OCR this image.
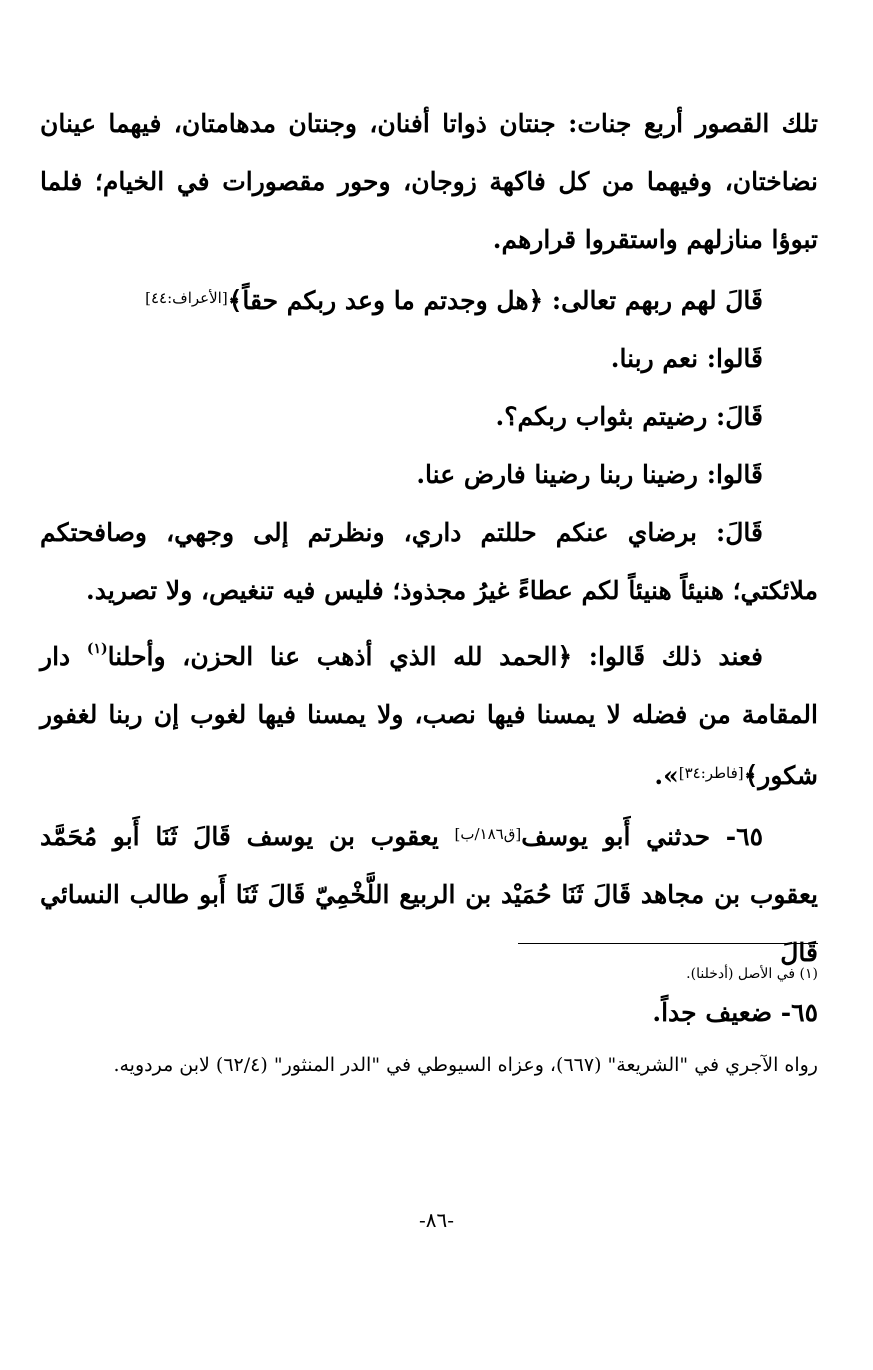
تلك القصور أربع جنات: جنتان ذواتا أفنان، وجنتان مدهامتان، فيهما عينان نضاختان، وفيهما من كل فاكهة زوجان، وحور مقصورات في الخيام؛ فلما تبوؤا منازلهم واستقروا قرارهم.

قَالَ لهم ربهم تعالى: ﴿هل وجدتم ما وعد ربكم حقاً﴾[الأعراف:٤٤]

قَالوا: نعم ربنا.

قَالَ: رضيتم بثواب ربكم؟.

قَالوا: رضينا ربنا رضينا فارض عنا.

قَالَ: برضاي عنكم حللتم داري، ونظرتم إلى وجهي، وصافحتكم ملائكتي؛ هنيئاً هنيئاً لكم عطاءً غيرُ مجذوذ؛ فليس فيه تنغيص، ولا تصريد.

فعند ذلك قَالوا: ﴿الحمد لله الذي أذهب عنا الحزن، وأحلنا$^{(١)}$ دار المقامة من فضله لا يمسنا فيها نصب، ولا يمسنا فيها لغوب إن ربنا لغفور شكور﴾[فاطر:٣٤]».

٦٥- حدثني أَبو يوسف[ق١٨٦/ب] يعقوب بن يوسف قَالَ ثَنَا أَبو مُحَمَّد يعقوب بن مجاهد قَالَ ثَنَا حُمَيْد بن الربيع اللَّخْمِيّ قَالَ ثَنَا أَبو طالب النسائي قَالَ

(١) في الأصل (أدخلنا).

٦٥- ضعيف جداً.

رواه الآجري في "الشريعة" (٦٦٧)، وعزاه السيوطي في "الدر المنثور" (٦٢/٤) لابن مردويه.

-٨٦-
